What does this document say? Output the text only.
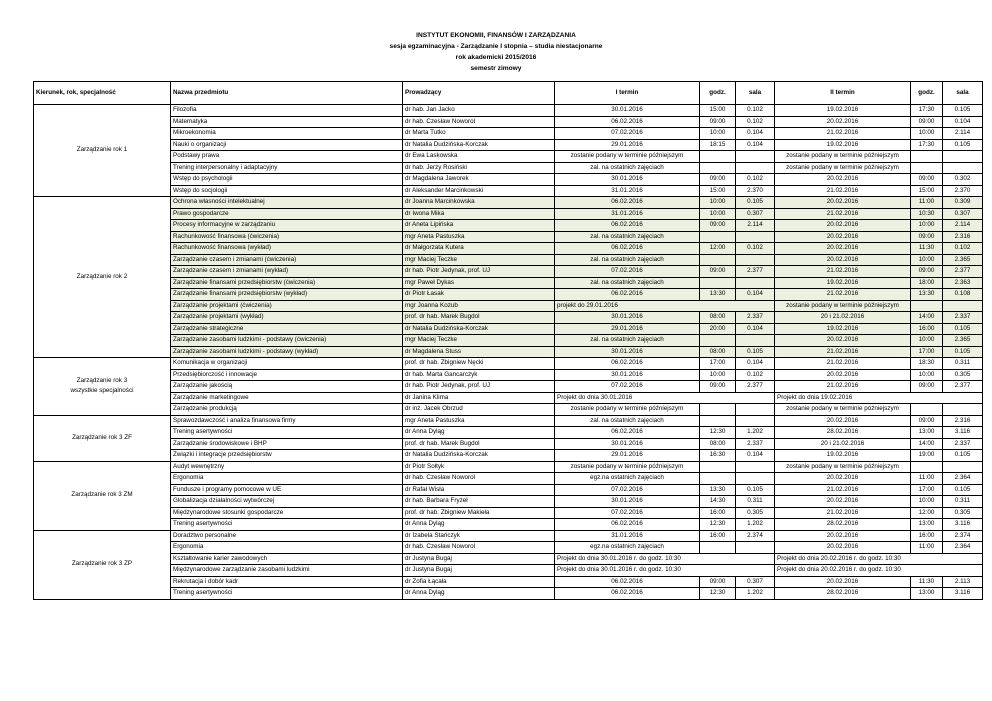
INSTYTUT EKONOMII, FINANSÓW I ZARZĄDZANIA
sesja egzaminacyjna - Zarządzanie I stopnia – studia niestacjonarne
rok akademicki 2015/2016
semestr zimowy
Kierunek, rok, specjalność	Nazwa przedmiotu	Prowadzący	I termin	godz.	sala	II termin	godz.	sala
Zarządzanie rok 1	Filozofia	dr hab. Jan Jacko	30.01.2016	15:00	0.102	19.02.2016	17:30	0.105
	Matematyka	dr hab. Czesław Noworol	06.02.2016	09:00	0.102	20.02.2016	09:00	0.104
	Mikroekonomia	dr Marta Tutko	07.02.2016	10:00	0.104	21.02.2016	10:00	2.114
	Nauki o organizacji	dr Natalia Dudzińska-Korczak	29.01.2016	18:15	0.104	19.02.2016	17:30	0.105
	Podstawy prawa	dr Ewa Laskowska	zostanie podany w terminie późniejszym			zostanie podany w terminie późniejszym		
	Trening interpersonalny i adaptacyjny	dr hab. Jerzy Rosiński	zal. na ostatnich zajęciach			zostanie podany w terminie późniejszym		
	Wstęp do psychologii	dr Magdalena Jaworek	30.01.2016	09:00	0.102	20.02.2016	09:00	0.302
	Wstęp do socjologii	dr Aleksander Marcinkowski	31.01.2016	15:00	2.370	21.02.2016	15:00	2.370
Zarządzanie rok 2	Ochrona własności intelektualnej	dr Joanna Marcinkowska	06.02.2016	10:00	0.105	20.02.2016	11:00	0.309
	Prawo gospodarcze	dr Iwona Mika	31.01.2016	10:00	0.307	21.02.2016	10:30	0.307
	Procesy informacyjne w zarządzaniu	dr Aneta Lipińska	06.02.2016	09:00	2.114	20.02.2016	10:00	2.114
	Rachunkowość finansowa (ćwiczenia)	mgr Aneta Pastuszka	zal. na ostatnich zajęciach			20.02.2016	09:00	2.316
	Rachunkowość finansowa (wykład)	dr Małgorzata Kutera	06.02.2016	12:00	0.102	20.02.2016	11:30	0.102
	Zarządzanie czasem i zmianami (ćwiczenia)	mgr Maciej Teczke	zal. na ostatnich zajęciach			20.02.2016	10:00	2.365
	Zarządzanie czasem i zmianami (wykład)	dr hab. Piotr Jedynak, prof. UJ	07.02.2016	09:00	2.377	21.02.2016	09:00	2.377
	Zarządzanie finansami przedsiębiorstw (ćwiczenia)	mgr Paweł Dykas	zal. na ostatnich zajęciach			19.02.2016	18:00	2.363
	Zarządzanie finansami przedsiębiorstw (wykład)	dr Piotr Łasak	06.02.2016	13:30	0.104	21.02.2016	13:30	0.108
	Zarządzanie projektami (ćwiczenia)	mgr Joanna Kozub	projekt do 29.01.2016			zostanie podany w terminie późniejszym		
	Zarządzanie projektami (wykład)	prof. dr hab. Marek Bugdol	30.01.2016	08:00	2.337	20 i 21.02.2016	14:00	2.337
	Zarządzanie strategiczne	dr Natalia Dudzińska-Korczak	29.01.2016	20:00	0.104	19.02.2016	16:00	0.105
	Zarządzanie zasobami ludzkimi - podstawy (ćwiczenia)	mgr Maciej Teczke	zal. na ostatnich zajęciach			20.02.2016	10:00	2.365
	Zarządzanie zasobami ludzkimi - podstawy (wykład)	dr Magdalena Stuss	30.01.2016	08:00	0.105	21.02.2016	17:00	0.105
Zarządzanie rok 3
wszystkie specjalności	Komunikacja w organizacji	prof. dr hab. Zbigniew Nęcki	06.02.2016	17:00	0.104	21.02.2016	18:30	0.311
	Przedsiębiorczość i innowacje	dr hab. Marta Gancarczyk	30.01.2016	10:00	0.102	20.02.2016	10:00	0.305
	Zarządzanie jakością	dr hab. Piotr Jedynak, prof. UJ	07.02.2016	09:00	2.377	21.02.2016	09:00	2.377
	Zarządzanie marketingowe	dr Janina Klima	Projekt do dnia 30.01.2016			Projekt do dnia 19.02.2016		
	Zarządzanie produkcją	dr inż. Jacek Obrzud	zostanie podany w terminie późniejszym			zostanie podany w terminie późniejszym		
Zarządzanie rok 3 ZF	Sprawozdawczość i analiza finansowa firmy	mgr Aneta Pastuszka	zal. na ostatnich zajęciach			20.02.2016	09:00	2.316
	Trening asertywności	dr Anna Dyląg	06.02.2016	12:30	1.202	28.02.2016	13:00	3.116
	Zarządzanie środowiskowe i BHP	prof. dr hab. Marek Bugdol	30.01.2016	08:00	2.337	20 i 21.02.2016	14:00	2.337
	Związki i integracje przedsiębiorstw	dr Natalia Dudzińska-Korczak	29.01.2016	16:30	0.104	19.02.2016	19:00	0.105
Zarządzanie rok 3 ZM	Audyt wewnętrzny	dr Piotr Sołtyk	zostanie podany w terminie późniejszym			zostanie podany w terminie późniejszym		
	Ergonomia	dr hab. Czesław Noworol	egz.na ostatnich zajęciach			20.02.2016	11:00	2.364
	Fundusze i programy pomocowe w UE	dr Rafał Wisła	07.02.2016	13:30	0.105	21.02.2016	17:00	0.105
	Globalizacja działalności wytwórczej	dr hab. Barbara Fryzeł	30.01.2016	14:30	0.311	20.02.2016	10:00	0.311
	Międzynarodowe stosunki gospodarcze	prof. dr hab. Zbigniew Makieła	07.02.2016	16:00	0.305	21.02.2016	12:00	0.305
	Trening asertywności	dr Anna Dyląg	06.02.2016	12:30	1.202	28.02.2016	13:00	3.116
Zarządzanie rok 3 ZP	Doradztwo personalne	dr Izabela Stańczyk	31.01.2016	16:00	2.374	20.02.2016	16:00	2.374
	Ergonomia	dr hab. Czesław Noworol	egz.na ostatnich zajęciach			20.02.2016	11:00	2.364
	Kształtowanie karier zawodowych	dr Justyna Bugaj	Projekt do dnia 30.01.2016 r. do godz. 10:30			Projekt do dnia 20.02.2016 r. do godz. 10:30		
	Międzynarodowe zarządzanie zasobami ludzkimi	dr Justyna Bugaj	Projekt do dnia 30.01.2016 r. do godz. 10:30			Projekt do dnia 20.02.2016 r. do godz. 10:30		
	Rekrutacja i dobór kadr	dr Zofia Łącała	06.02.2016	09:00	0.307	20.02.2016	11:30	2.113
	Trening asertywności	dr Anna Dyląg	06.02.2016	12:30	1.202	28.02.2016	13:00	3.116
